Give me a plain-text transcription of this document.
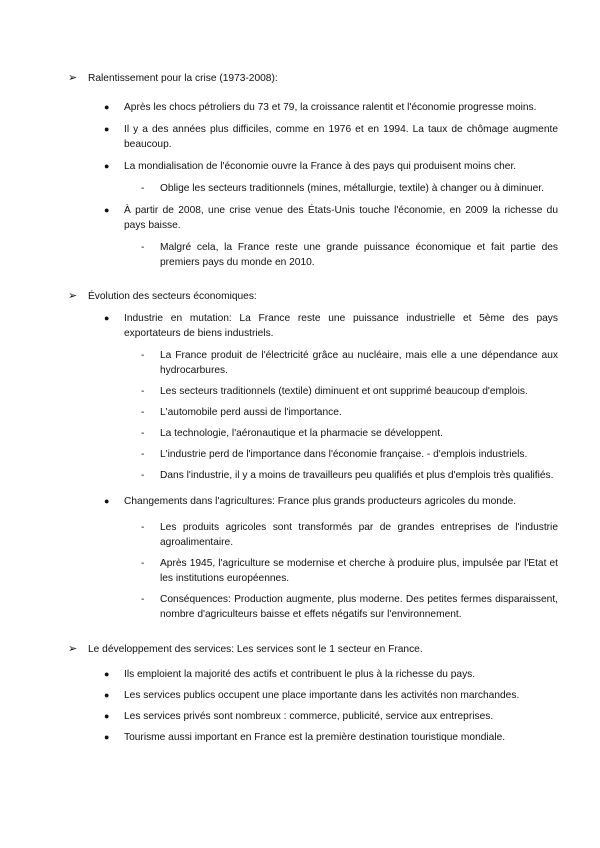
➢ Ralentissement pour la crise (1973-2008):
● Après les chocs pétroliers du 73 et 79, la croissance ralentit et l'économie progresse moins.
● Il y a des années plus difficiles, comme en 1976 et en 1994. La taux de chômage augmente beaucoup.
● La mondialisation de l'économie ouvre la France à des pays qui produisent moins cher.
- Oblige les secteurs traditionnels (mines, métallurgie, textile) à changer ou à diminuer.
● À partir de 2008, une crise venue des États-Unis touche l'économie, en 2009 la richesse du pays baisse.
- Malgré cela, la France reste une grande puissance économique et fait partie des premiers pays du monde en 2010.
➢ Évolution des secteurs économiques:
● Industrie en mutation: La France reste une puissance industrielle et 5ème des pays exportateurs de biens industriels.
- La France produit de l'électricité grâce au nucléaire, mais elle a une dépendance aux hydrocarbures.
- Les secteurs traditionnels (textile) diminuent et ont supprimé beaucoup d'emplois.
- L'automobile perd aussi de l'importance.
- La technologie, l'aéronautique et la pharmacie se développent.
- L'industrie perd de l'importance dans l'économie française. - d'emplois industriels.
- Dans l'industrie, il y a moins de travailleurs peu qualifiés et plus d'emplois très qualifiés.
● Changements dans l'agricultures: France plus grands producteurs agricoles du monde.
- Les produits agricoles sont transformés par de grandes entreprises de l'industrie agroalimentaire.
- Après 1945, l'agriculture se modernise et cherche à produire plus, impulsée par l'Etat et les institutions européennes.
- Conséquences: Production augmente, plus moderne. Des petites fermes disparaissent, nombre d'agriculteurs baisse et effets négatifs sur l'environnement.
➢ Le développement des services: Les services sont le 1 secteur en France.
● Ils emploient la majorité des actifs et contribuent le plus à la richesse du pays.
● Les services publics occupent une place importante dans les activités non marchandes.
● Les services privés sont nombreux : commerce, publicité, service aux entreprises.
● Tourisme aussi important en France est la première destination touristique mondiale.
